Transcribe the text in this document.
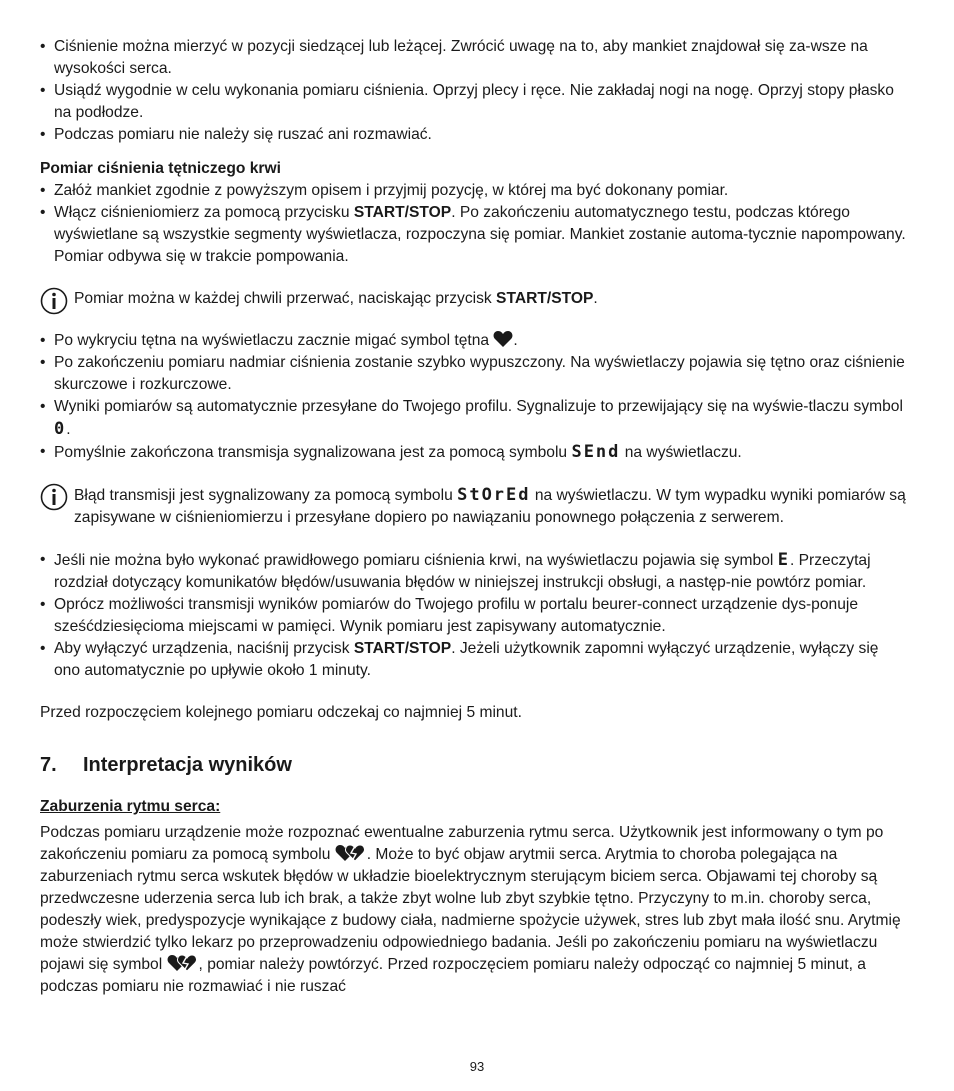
• Ciśnienie można mierzyć w pozycji siedzącej lub leżącej. Zwrócić uwagę na to, aby mankiet znajdował się za-wsze na wysokości serca.
• Usiądź wygodnie w celu wykonania pomiaru ciśnienia. Oprzyj plecy i ręce. Nie zakładaj nogi na nogę. Oprzyj stopy płasko na podłodze.
• Podczas pomiaru nie należy się ruszać ani rozmawiać.
Pomiar ciśnienia tętniczego krwi
• Załóż mankiet zgodnie z powyższym opisem i przyjmij pozycję, w której ma być dokonany pomiar.
• Włącz ciśnieniomierz za pomocą przycisku START/STOP. Po zakończeniu automatycznego testu, podczas którego wyświetlane są wszystkie segmenty wyświetlacza, rozpoczyna się pomiar. Mankiet zostanie automa-tycznie napompowany. Pomiar odbywa się w trakcie pompowania.
Pomiar można w każdej chwili przerwać, naciskając przycisk START/STOP.
• Po wykryciu tętna na wyświetlaczu zacznie migać symbol tętna .
• Po zakończeniu pomiaru nadmiar ciśnienia zostanie szybko wypuszczony. Na wyświetlaczy pojawia się tętno oraz ciśnienie skurczowe i rozkurczowe.
• Wyniki pomiarów są automatycznie przesyłane do Twojego profilu. Sygnalizuje to przewijający się na wyświe-tlaczu symbol 0.
• Pomyślnie zakończona transmisja sygnalizowana jest za pomocą symbolu SEnd na wyświetlaczu.
Błąd transmisji jest sygnalizowany za pomocą symbolu StOrEd na wyświetlaczu. W tym wypadku wyniki pomiarów są zapisywane w ciśnieniomierzu i przesyłane dopiero po nawiązaniu ponownego połączenia z serwerem.
• Jeśli nie można było wykonać prawidłowego pomiaru ciśnienia krwi, na wyświetlaczu pojawia się symbol E. Przeczytaj rozdział dotyczący komunikatów błędów/usuwania błędów w niniejszej instrukcji obsługi, a następ-nie powtórz pomiar.
• Oprócz możliwości transmisji wyników pomiarów do Twojego profilu w portalu beurer-connect urządzenie dys-ponuje sześćdziesięcioma miejscami w pamięci. Wynik pomiaru jest zapisywany automatycznie.
• Aby wyłączyć urządzenia, naciśnij przycisk START/STOP. Jeżeli użytkownik zapomni wyłączyć urządzenie, wyłączy się ono automatycznie po upływie około 1 minuty.
Przed rozpoczęciem kolejnego pomiaru odczekaj co najmniej 5 minut.
7. Interpretacja wyników
Zaburzenia rytmu serca:
Podczas pomiaru urządzenie może rozpoznać ewentualne zaburzenia rytmu serca. Użytkownik jest informowany o tym po zakończeniu pomiaru za pomocą symbolu . Może to być objaw arytmii serca. Arytmia to choroba polegająca na zaburzeniach rytmu serca wskutek błędów w układzie bioelektrycznym sterującym biciem serca. Objawami tej choroby są przedwczesne uderzenia serca lub ich brak, a także zbyt wolne lub zbyt szybkie tętno. Przyczyny to m.in. choroby serca, podeszły wiek, predyspozycje wynikające z budowy ciała, nadmierne spożycie używek, stres lub zbyt mała ilość snu. Arytmię może stwierdzić tylko lekarz po przeprowadzeniu odpowiedniego badania. Jeśli po zakończeniu pomiaru na wyświetlaczu pojawi się symbol , pomiar należy powtórzyć. Przed rozpoczęciem pomiaru należy odpocząć co najmniej 5 minut, a podczas pomiaru nie rozmawiać i nie ruszać
93
